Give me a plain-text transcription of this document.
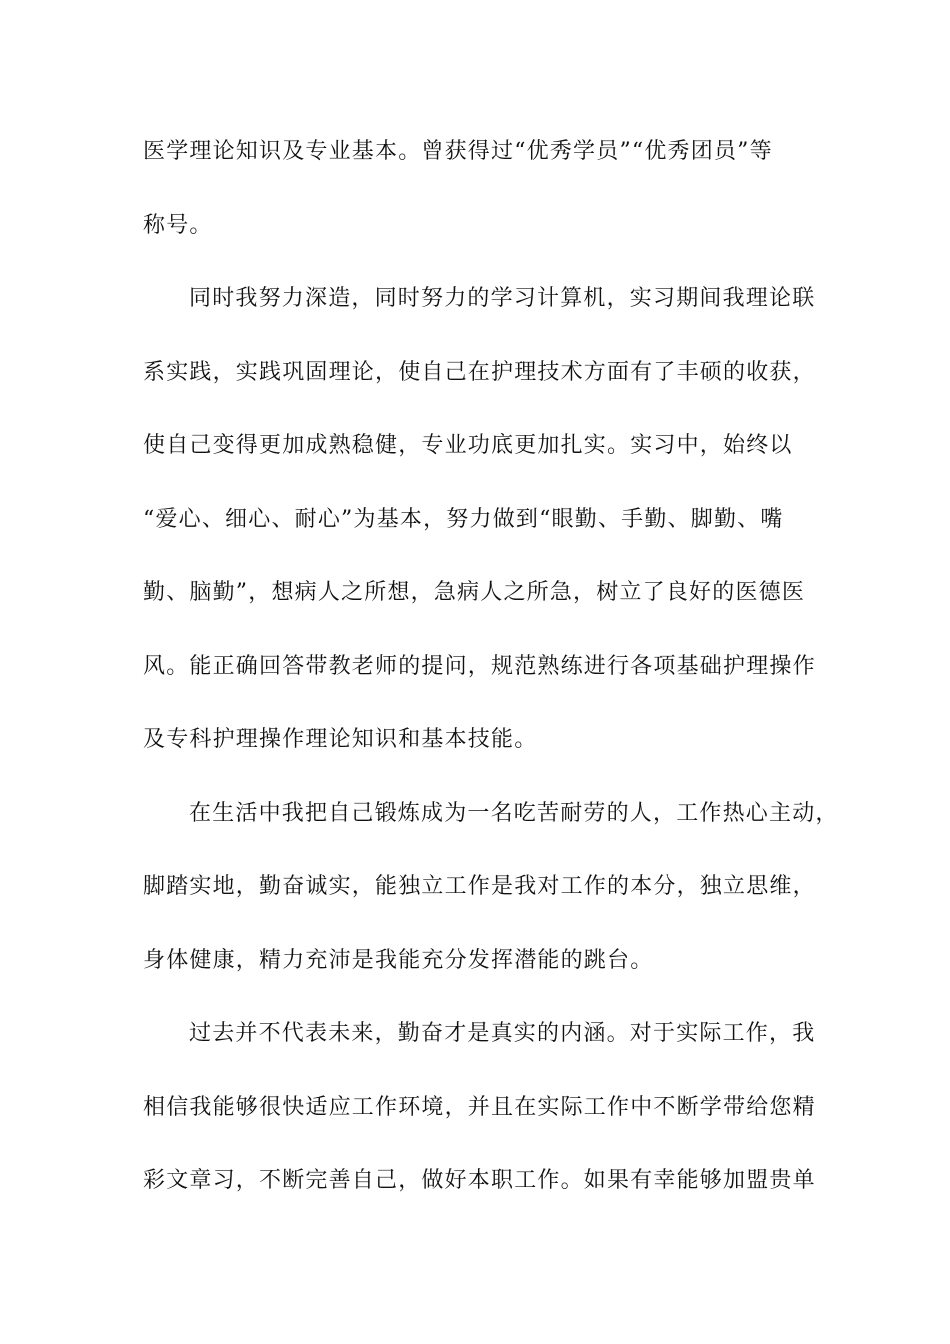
医学理论知识及专业基本。曾获得过“优秀学员”“优秀团员”等
称号。
同时我努力深造，同时努力的学习计算机，实习期间我理论联
系实践，实践巩固理论，使自己在护理技术方面有了丰硕的收获，
使自己变得更加成熟稳健，专业功底更加扎实。实习中，始终以
“爱心、细心、耐心”为基本，努力做到“眼勤、手勤、脚勤、嘴
勤、脑勤”，想病人之所想，急病人之所急，树立了良好的医德医
风。能正确回答带教老师的提问，规范熟练进行各项基础护理操作
及专科护理操作理论知识和基本技能。
在生活中我把自己锻炼成为一名吃苦耐劳的人，工作热心主动，
脚踏实地，勤奋诚实，能独立工作是我对工作的本分，独立思维，
身体健康，精力充沛是我能充分发挥潜能的跳台。
过去并不代表未来，勤奋才是真实的内涵。对于实际工作，我
相信我能够很快适应工作环境，并且在实际工作中不断学带给您精
彩文章习，不断完善自己，做好本职工作。如果有幸能够加盟贵单
